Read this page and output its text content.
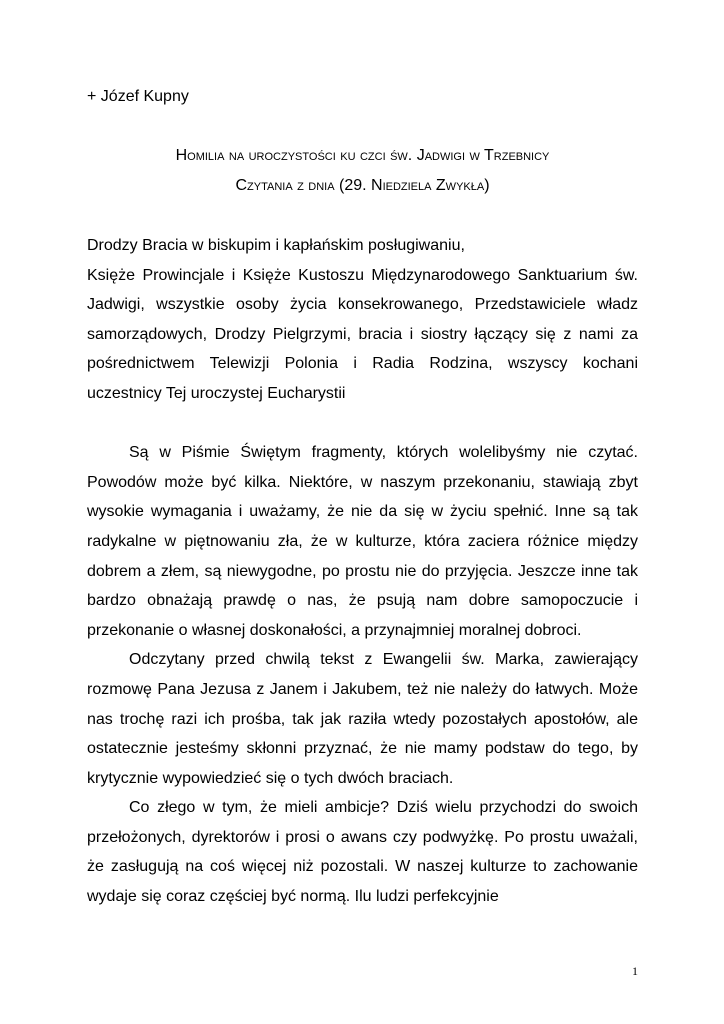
+ Józef Kupny
Homilia na uroczystości ku czci św. Jadwigi w Trzebnicy
Czytania z dnia (29. Niedziela Zwykła)

Drodzy Bracia w biskupim i kapłańskim posługiwaniu,
Księże Prowincjale i Księże Kustoszu Międzynarodowego Sanktuarium św. Jadwigi, wszystkie osoby życia konsekrowanego, Przedstawiciele władz samorządowych, Drodzy Pielgrzymi, bracia i siostry łączący się z nami za pośrednictwem Telewizji Polonia i Radia Rodzina, wszyscy kochani uczestnicy Tej uroczystej Eucharystii

Są w Piśmie Świętym fragmenty, których wolelibyśmy nie czytać. Powodów może być kilka. Niektóre, w naszym przekonaniu, stawiają zbyt wysokie wymagania i uważamy, że nie da się w życiu spełnić. Inne są tak radykalne w piętnowaniu zła, że w kulturze, która zaciera różnice między dobrem a złem, są niewygodne, po prostu nie do przyjęcia. Jeszcze inne tak bardzo obnażają prawdę o nas, że psują nam dobre samopoczucie i przekonanie o własnej doskonałości, a przynajmniej moralnej dobroci.

Odczytany przed chwilą tekst z Ewangelii św. Marka, zawierający rozmowę Pana Jezusa z Janem i Jakubem, też nie należy do łatwych. Może nas trochę razi ich prośba, tak jak raziła wtedy pozostałych apostołów, ale ostatecznie jesteśmy skłonni przyznać, że nie mamy podstaw do tego, by krytycznie wypowiedzieć się o tych dwóch braciach.

Co złego w tym, że mieli ambicje? Dziś wielu przychodzi do swoich przełożonych, dyrektorów i prosi o awans czy podwyżkę. Po prostu uważali, że zasługują na coś więcej niż pozostali. W naszej kulturze to zachowanie wydaje się coraz częściej być normą. Ilu ludzi perfekcyjnie

1
